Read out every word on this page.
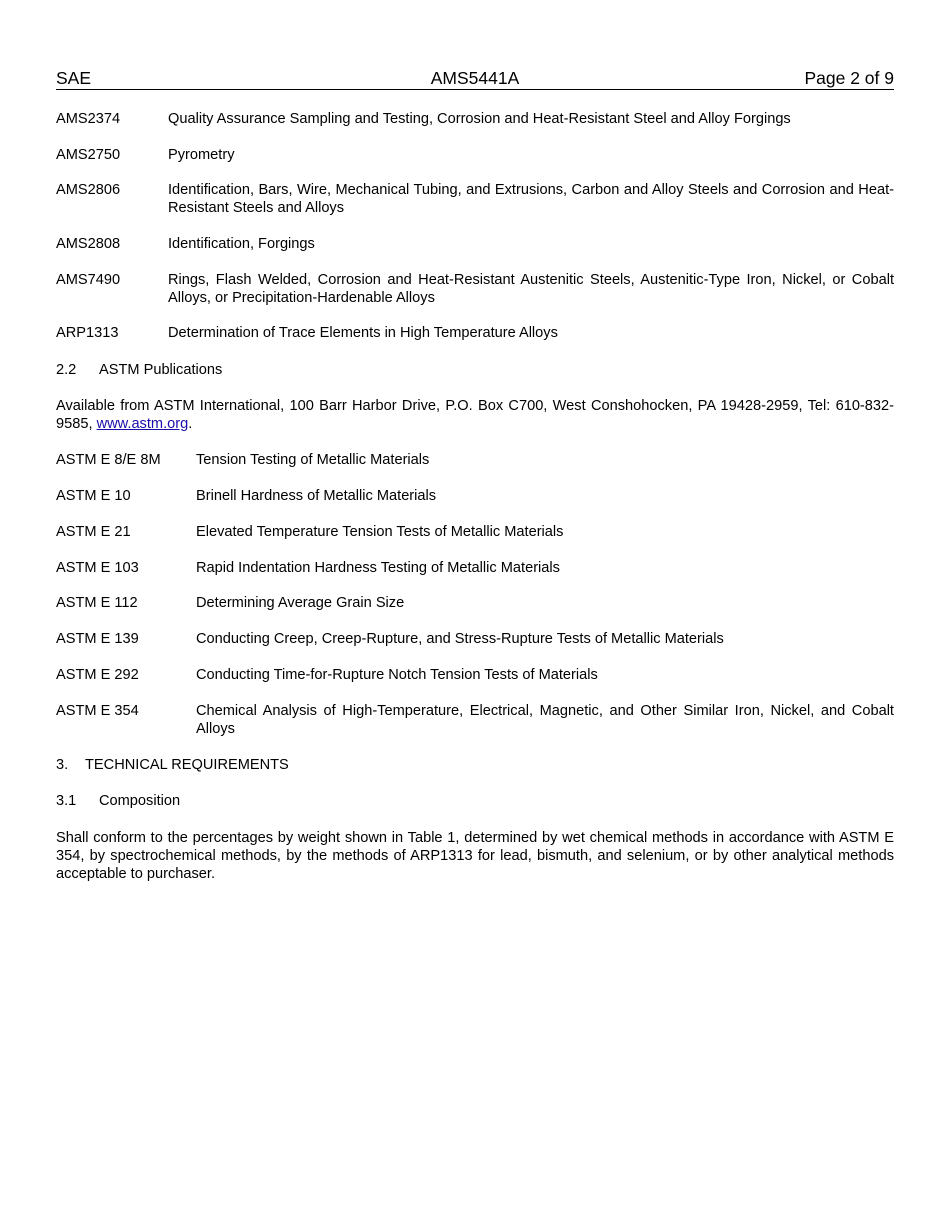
SAE	AMS5441A	Page 2 of 9
AMS2374	Quality Assurance Sampling and Testing, Corrosion and Heat-Resistant Steel and Alloy Forgings
AMS2750	Pyrometry
AMS2806	Identification, Bars, Wire, Mechanical Tubing, and Extrusions, Carbon and Alloy Steels and Corrosion and Heat-Resistant Steels and Alloys
AMS2808	Identification, Forgings
AMS7490	Rings, Flash Welded, Corrosion and Heat-Resistant Austenitic Steels, Austenitic-Type Iron, Nickel, or Cobalt Alloys, or Precipitation-Hardenable Alloys
ARP1313	Determination of Trace Elements in High Temperature Alloys
2.2 ASTM Publications
Available from ASTM International, 100 Barr Harbor Drive, P.O. Box C700, West Conshohocken, PA 19428-2959, Tel: 610-832-9585, www.astm.org.
ASTM E 8/E 8M Tension Testing of Metallic Materials
ASTM E 10	Brinell Hardness of Metallic Materials
ASTM E 21	Elevated Temperature Tension Tests of Metallic Materials
ASTM E 103	Rapid Indentation Hardness Testing of Metallic Materials
ASTM E 112	Determining Average Grain Size
ASTM E 139	Conducting Creep, Creep-Rupture, and Stress-Rupture Tests of Metallic Materials
ASTM E 292	Conducting Time-for-Rupture Notch Tension Tests of Materials
ASTM E 354	Chemical Analysis of High-Temperature, Electrical, Magnetic, and Other Similar Iron, Nickel, and Cobalt Alloys
3. TECHNICAL REQUIREMENTS
3.1 Composition
Shall conform to the percentages by weight shown in Table 1, determined by wet chemical methods in accordance with ASTM E 354, by spectrochemical methods, by the methods of ARP1313 for lead, bismuth, and selenium, or by other analytical methods acceptable to purchaser.
